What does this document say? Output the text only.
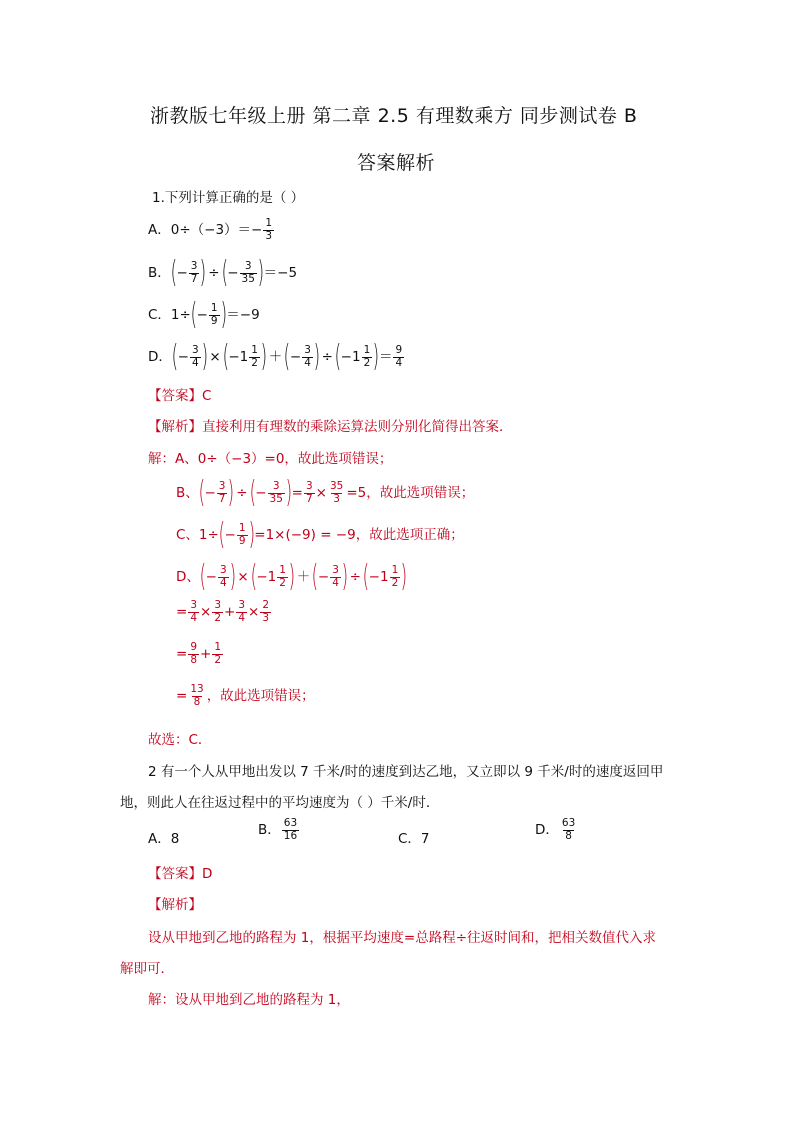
浙教版七年级上册 第二章 2.5 有理数乘方 同步测试卷 B
答案解析
1.下列计算正确的是（ ）
A．$0\div(-3)=- \frac{1}{3}$
B．(− $\frac{3}{7}$ ) ÷(− $\frac{3}{35} )=-5$
C．$1\div(- \frac{1}{9} )=-9$
D．(− $\frac{3}{4}$ ) $\times(-1 \frac{1}{2}$ ) ＋(− $\frac{3}{4}$ ) $\div(-1 \frac{1}{2}$ )＝ $\frac{9}{4}$
【答案】C
【解析】直接利用有理数的乘除运算法则分别化简得出答案．
解：A、0÷（−3）=0，故此选项错误；
B、(− $\frac{3}{7}$ ) ÷(− $\frac{3}{35}$ )= $\frac{3}{7} \times \frac{35}{3} =5$，故此选项错误；
C、$1\div(- \frac{1}{9} )=1\times(-9) = -9$，故此选项正确；
D、(− $\frac{3}{4}$ ) $\times(-1 \frac{1}{2}$ ) ＋(− $\frac{3}{4}$ ) $\div(-1 \frac{1}{2}$ )
= $\frac{3}{4} \times \frac{3}{2} + \frac{3}{4} \times \frac{2}{3}$
= $\frac{9}{8} + \frac{1}{2}$
= $\frac{13}{8}$ ，故此选项错误；
故选：C．
2 有一个人从甲地出发以 7 千米/时的速度到达乙地，又立即以 9 千米/时的速度返回甲
地，则此人在往返过程中的平均速度为（ ）千米/时．
A．8
B． $\frac{63}{16}$	C．7
D． $\frac{63}{8}$
【答案】D
【解析】
设从甲地到乙地的路程为 1，根据平均速度=总路程÷往返时间和，把相关数值代入求
解即可．
解：设从甲地到乙地的路程为 1，
